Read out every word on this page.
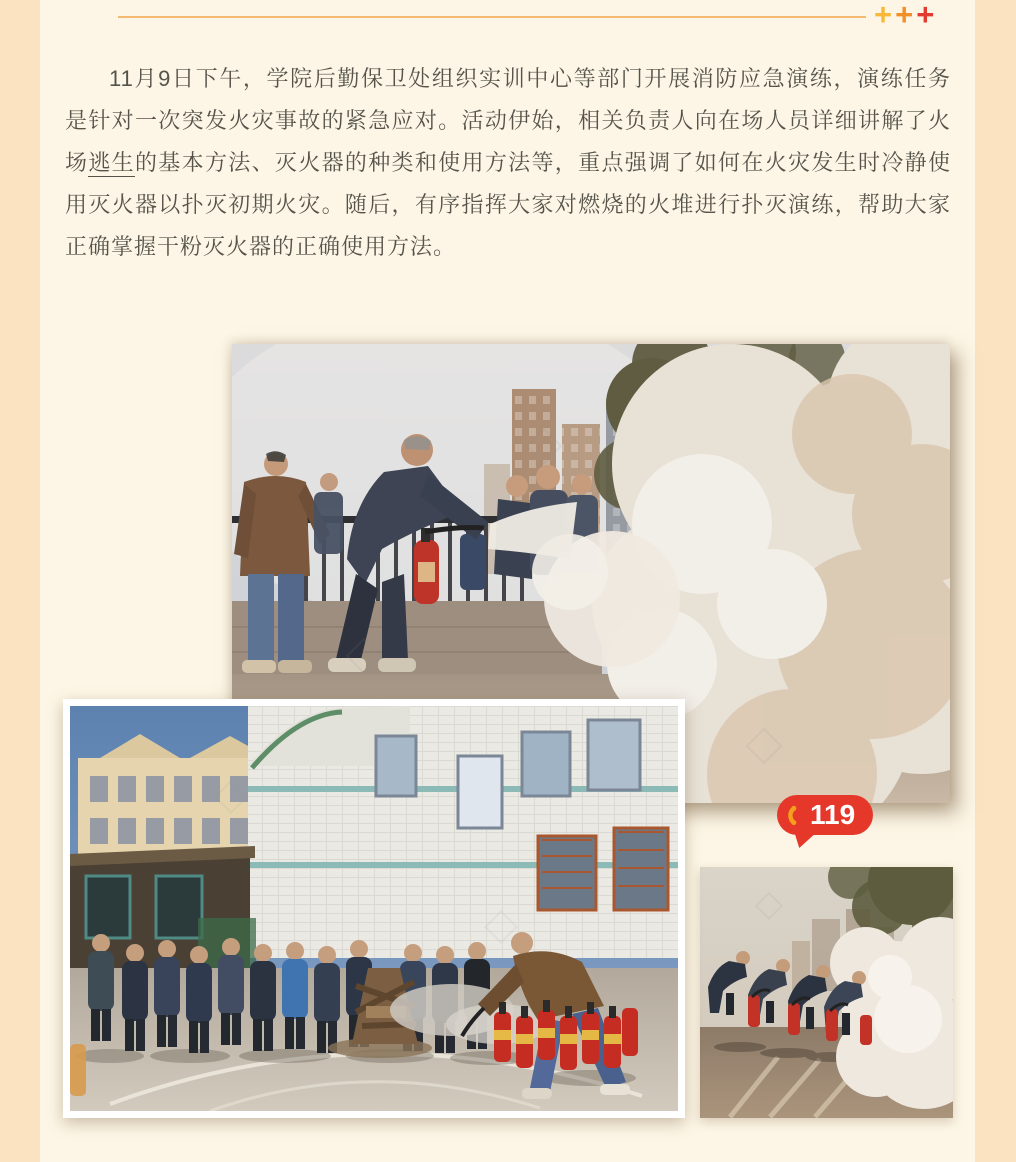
+ + +

11月9日下午，学院后勤保卫处组织实训中心等部门开展消防应急演练，演练任务是针对一次突发火灾事故的紧急应对。活动伊始，相关负责人向在场人员详细讲解了火场逃生的基本方法、灭火器的种类和使用方法等，重点强调了如何在火灾发生时冷静使用灭火器以扑灭初期火灾。随后，有序指挥大家对燃烧的火堆进行扑灭演练，帮助大家正确掌握干粉灭火器的正确使用方法。

119
